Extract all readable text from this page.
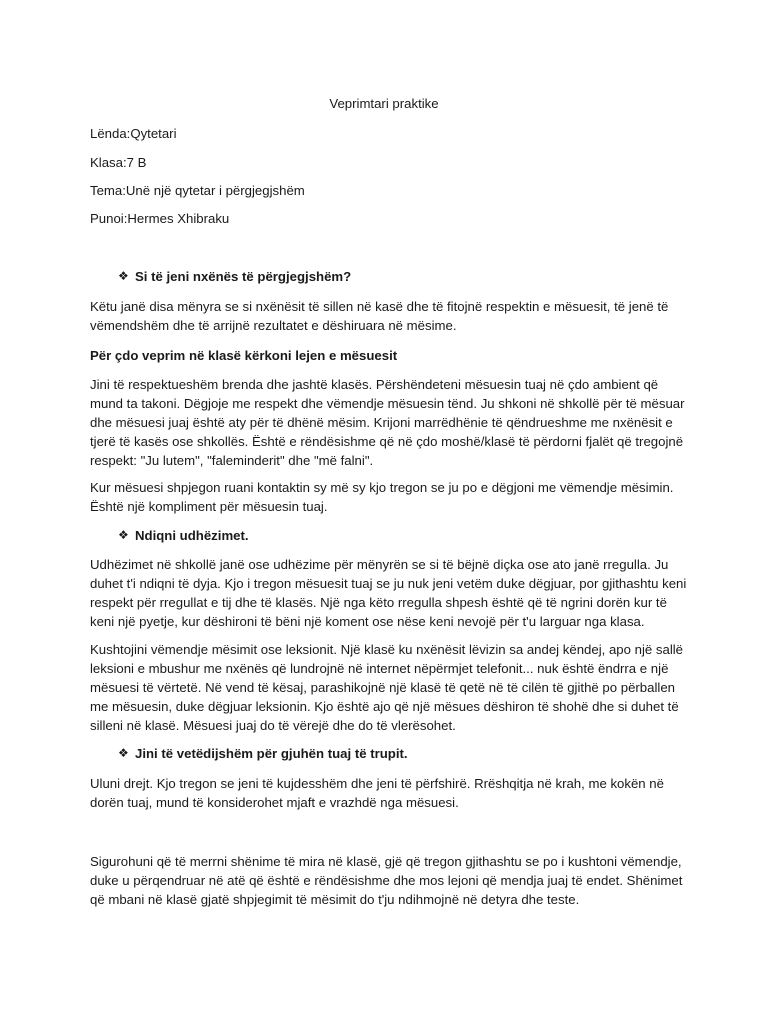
Veprimtari praktike
Lënda:Qytetari
Klasa:7 B
Tema:Unë një qytetar i përgjegjshëm
Punoi:Hermes Xhibraku
❖ Si të jeni nxënës të përgjegjshëm?
Këtu janë disa mënyra se si nxënësit të sillen në kasë dhe të fitojnë respektin e mësuesit, të jenë të vëmendshëm dhe të arrijnë rezultatet e dëshiruara në mësime.
Për çdo veprim në klasë kërkoni lejen e mësuesit
Jini të respektueshëm brenda dhe jashtë klasës. Përshëndeteni mësuesin tuaj në çdo ambient që mund ta takoni. Dëgjoje me respekt dhe vëmendje mësuesin tënd. Ju shkoni në shkollë për të mësuar dhe mësuesi juaj është aty për të dhënë mësim. Krijoni marrëdhënie të qëndrueshme me nxënësit e tjerë të kasës ose shkollës. Është e rëndësishme që në çdo moshë/klasë të përdorni fjalët që tregojnë respekt: "Ju lutem", "faleminderit" dhe "më falni".
Kur mësuesi shpjegon ruani kontaktin sy më sy kjo tregon se ju po e dëgjoni me vëmendje mësimin. Është një kompliment për mësuesin tuaj.
❖ Ndiqni udhëzimet.
Udhëzimet në shkollë janë ose udhëzime për mënyrën se si të bëjnë diçka ose ato janë rregulla. Ju duhet t'i ndiqni të dyja. Kjo i tregon mësuesit tuaj se ju nuk jeni vetëm duke dëgjuar, por gjithashtu keni respekt për rregullat e tij dhe të klasës. Një nga këto rregulla shpesh është që të ngrini dorën kur të keni një pyetje, kur dëshironi të bëni një koment ose nëse keni nevojë për t'u larguar nga klasa.
Kushtojini vëmendje mësimit ose leksionit. Një klasë ku nxënësit lëvizin sa andej këndej, apo një sallë leksioni e mbushur me nxënës që lundrojnë në internet nëpërmjet telefonit... nuk është ëndrra e një mësuesi të vërtetë. Në vend të kësaj, parashikojnë një klasë të qetë në të cilën të gjithë po përballen me mësuesin, duke dëgjuar leksionin. Kjo është ajo që një mësues dëshiron të shohë dhe si duhet të silleni në klasë. Mësuesi juaj do të vërejë dhe do të vlerësohet.
❖ Jini të vetëdijshëm për gjuhën tuaj të trupit.
Uluni drejt. Kjo tregon se jeni të kujdesshëm dhe jeni të përfshirë. Rrëshqitja në krah, me kokën në dorën tuaj, mund të konsiderohet mjaft e vrazhdë nga mësuesi.
Sigurohuni që të merrni shënime të mira në klasë, gjë që tregon gjithashtu se po i kushtoni vëmendje, duke u përqendruar në atë që është e rëndësishme dhe mos lejoni që mendja juaj të endet. Shënimet që mbani në klasë gjatë shpjegimit të mësimit do t'ju ndihmojnë në detyra dhe teste.
